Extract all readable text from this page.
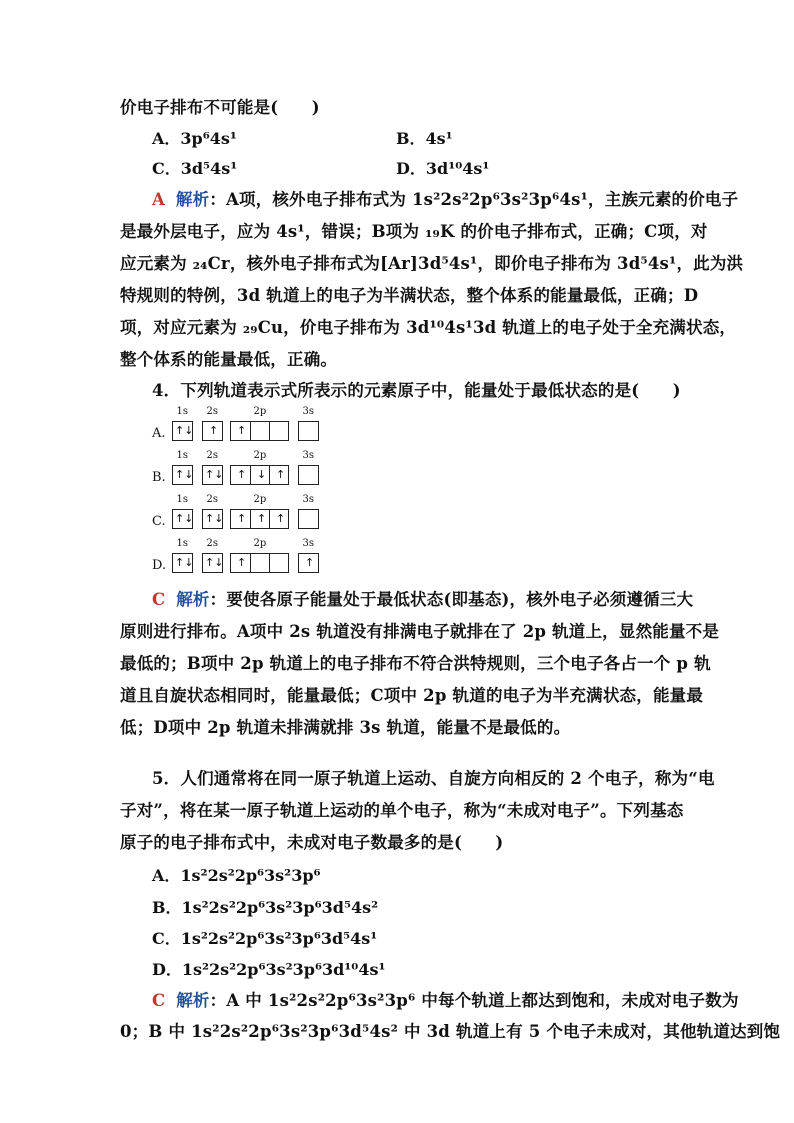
价电子排布不可能是(　　)
A．3p⁶4s¹	B．4s¹
C．3d⁵4s¹	D．3d¹⁰4s¹
A 解析：A项，核外电子排布式为 1s²2s²2p⁶3s²3p⁶4s¹，主族元素的价电子
是最外层电子，应为 4s¹，错误；B项为 ₁₉K 的价电子排布式，正确；C项，对
应元素为 ₂₄Cr，核外电子排布式为[Ar]3d⁵4s¹，即价电子排布为 3d⁵4s¹，此为洪
特规则的特例，3d 轨道上的电子为半满状态，整个体系的能量最低，正确；D
项，对应元素为 ₂₉Cu，价电子排布为 3d¹⁰4s¹3d 轨道上的电子处于全充满状态，
整个体系的能量最低，正确。
4．下列轨道表示式所表示的元素原子中，能量处于最低状态的是(　　)
A.
1s
↑↓
2s
↑
2p
↑
3s
B.
1s
↑↓
2s
↑↓
2p
↑ ↓ ↑
3s
C.
1s
↑↓
2s
↑↓
2p
↑ ↑ ↑
3s
D.
1s
↑↓
2s
↑↓
2p
↑
3s
↑
C 解析：要使各原子能量处于最低状态(即基态)，核外电子必须遵循三大
原则进行排布。A项中 2s 轨道没有排满电子就排在了 2p 轨道上，显然能量不是
最低的；B项中 2p 轨道上的电子排布不符合洪特规则，三个电子各占一个 p 轨
道且自旋状态相同时，能量最低；C项中 2p 轨道的电子为半充满状态，能量最
低；D项中 2p 轨道未排满就排 3s 轨道，能量不是最低的。
5．人们通常将在同一原子轨道上运动、自旋方向相反的 2 个电子，称为“电
子对”，将在某一原子轨道上运动的单个电子，称为“未成对电子”。下列基态
原子的电子排布式中，未成对电子数最多的是(　　)
A．1s²2s²2p⁶3s²3p⁶
B．1s²2s²2p⁶3s²3p⁶3d⁵4s²
C．1s²2s²2p⁶3s²3p⁶3d⁵4s¹
D．1s²2s²2p⁶3s²3p⁶3d¹⁰4s¹
C 解析：A 中 1s²2s²2p⁶3s²3p⁶ 中每个轨道上都达到饱和，未成对电子数为
0；B 中 1s²2s²2p⁶3s²3p⁶3d⁵4s² 中 3d 轨道上有 5 个电子未成对，其他轨道达到饱
